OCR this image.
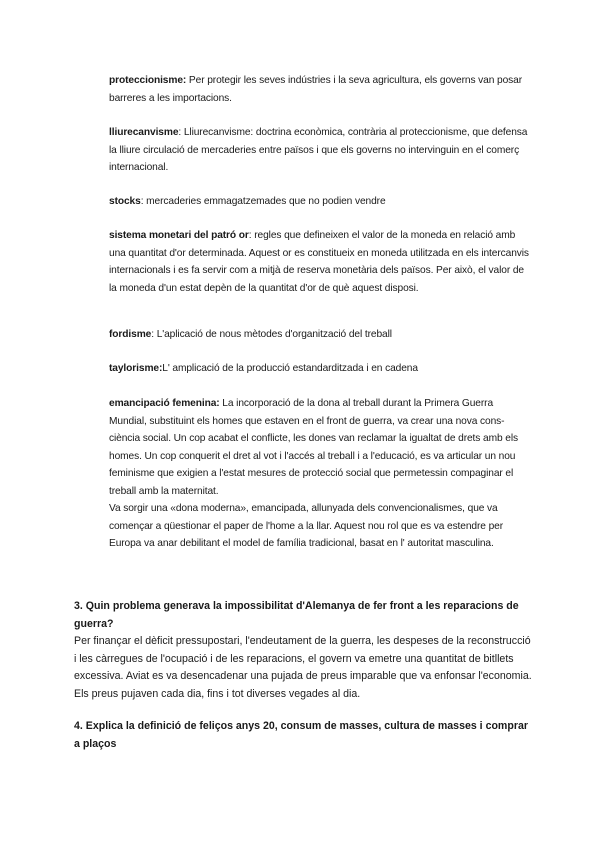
proteccionisme: Per protegir les seves indústries i la seva agricultura, els governs van posar barreres a les importacions.
lliurecanvisme: Lliurecanvisme: doctrina econòmica, contrària al proteccionisme, que defensa la lliure circulació de mercaderies entre països i que els governs no intervinguin en el comerç internacional.
stocks: mercaderies emmagatzemades que no podien vendre
sistema monetari del patró or: regles que defineixen el valor de la moneda en relació amb una quantitat d'or determinada. Aquest or es constitueix en moneda utilitzada en els intercanvis internacionals i es fa servir com a mitjà de reserva monetària dels països. Per això, el valor de la moneda d'un estat depèn de la quantitat d'or de què aquest disposi.
fordisme: L'aplicació de nous mètodes d'organització del treball
taylorisme:L' amplicació de la producció estandarditzada i en cadena
emancipació femenina: La incorporació de la dona al treball durant la Primera Guerra Mundial, substituint els homes que estaven en el front de guerra, va crear una nova cons-ciència social. Un cop acabat el conflicte, les dones van reclamar la igualtat de drets amb els homes. Un cop conquerit el dret al vot i l'accés al treball i a l'educació, es va articular un nou feminisme que exigien a l'estat mesures de protecció social que permetessin compaginar el treball amb la maternitat.
Va sorgir una «dona moderna», emancipada, allunyada dels convencionalismes, que va començar a qüestionar el paper de l'home a la llar. Aquest nou rol que es va estendre per Europa va anar debilitant el model de família tradicional, basat en l' autoritat masculina.
3. Quin problema generava la impossibilitat d'Alemanya de fer front a les reparacions de guerra?
Per finançar el dèficit pressupostari, l'endeutament de la guerra, les despeses de la reconstrucció i les càrregues de l'ocupació i de les reparacions, el govern va emetre una quantitat de bitllets excessiva. Aviat es va desencadenar una pujada de preus imparable que va enfonsar l'economia. Els preus pujaven cada dia, fins i tot diverses vegades al dia.
4. Explica la definició de feliços anys 20, consum de masses, cultura de masses i comprar a plaços
